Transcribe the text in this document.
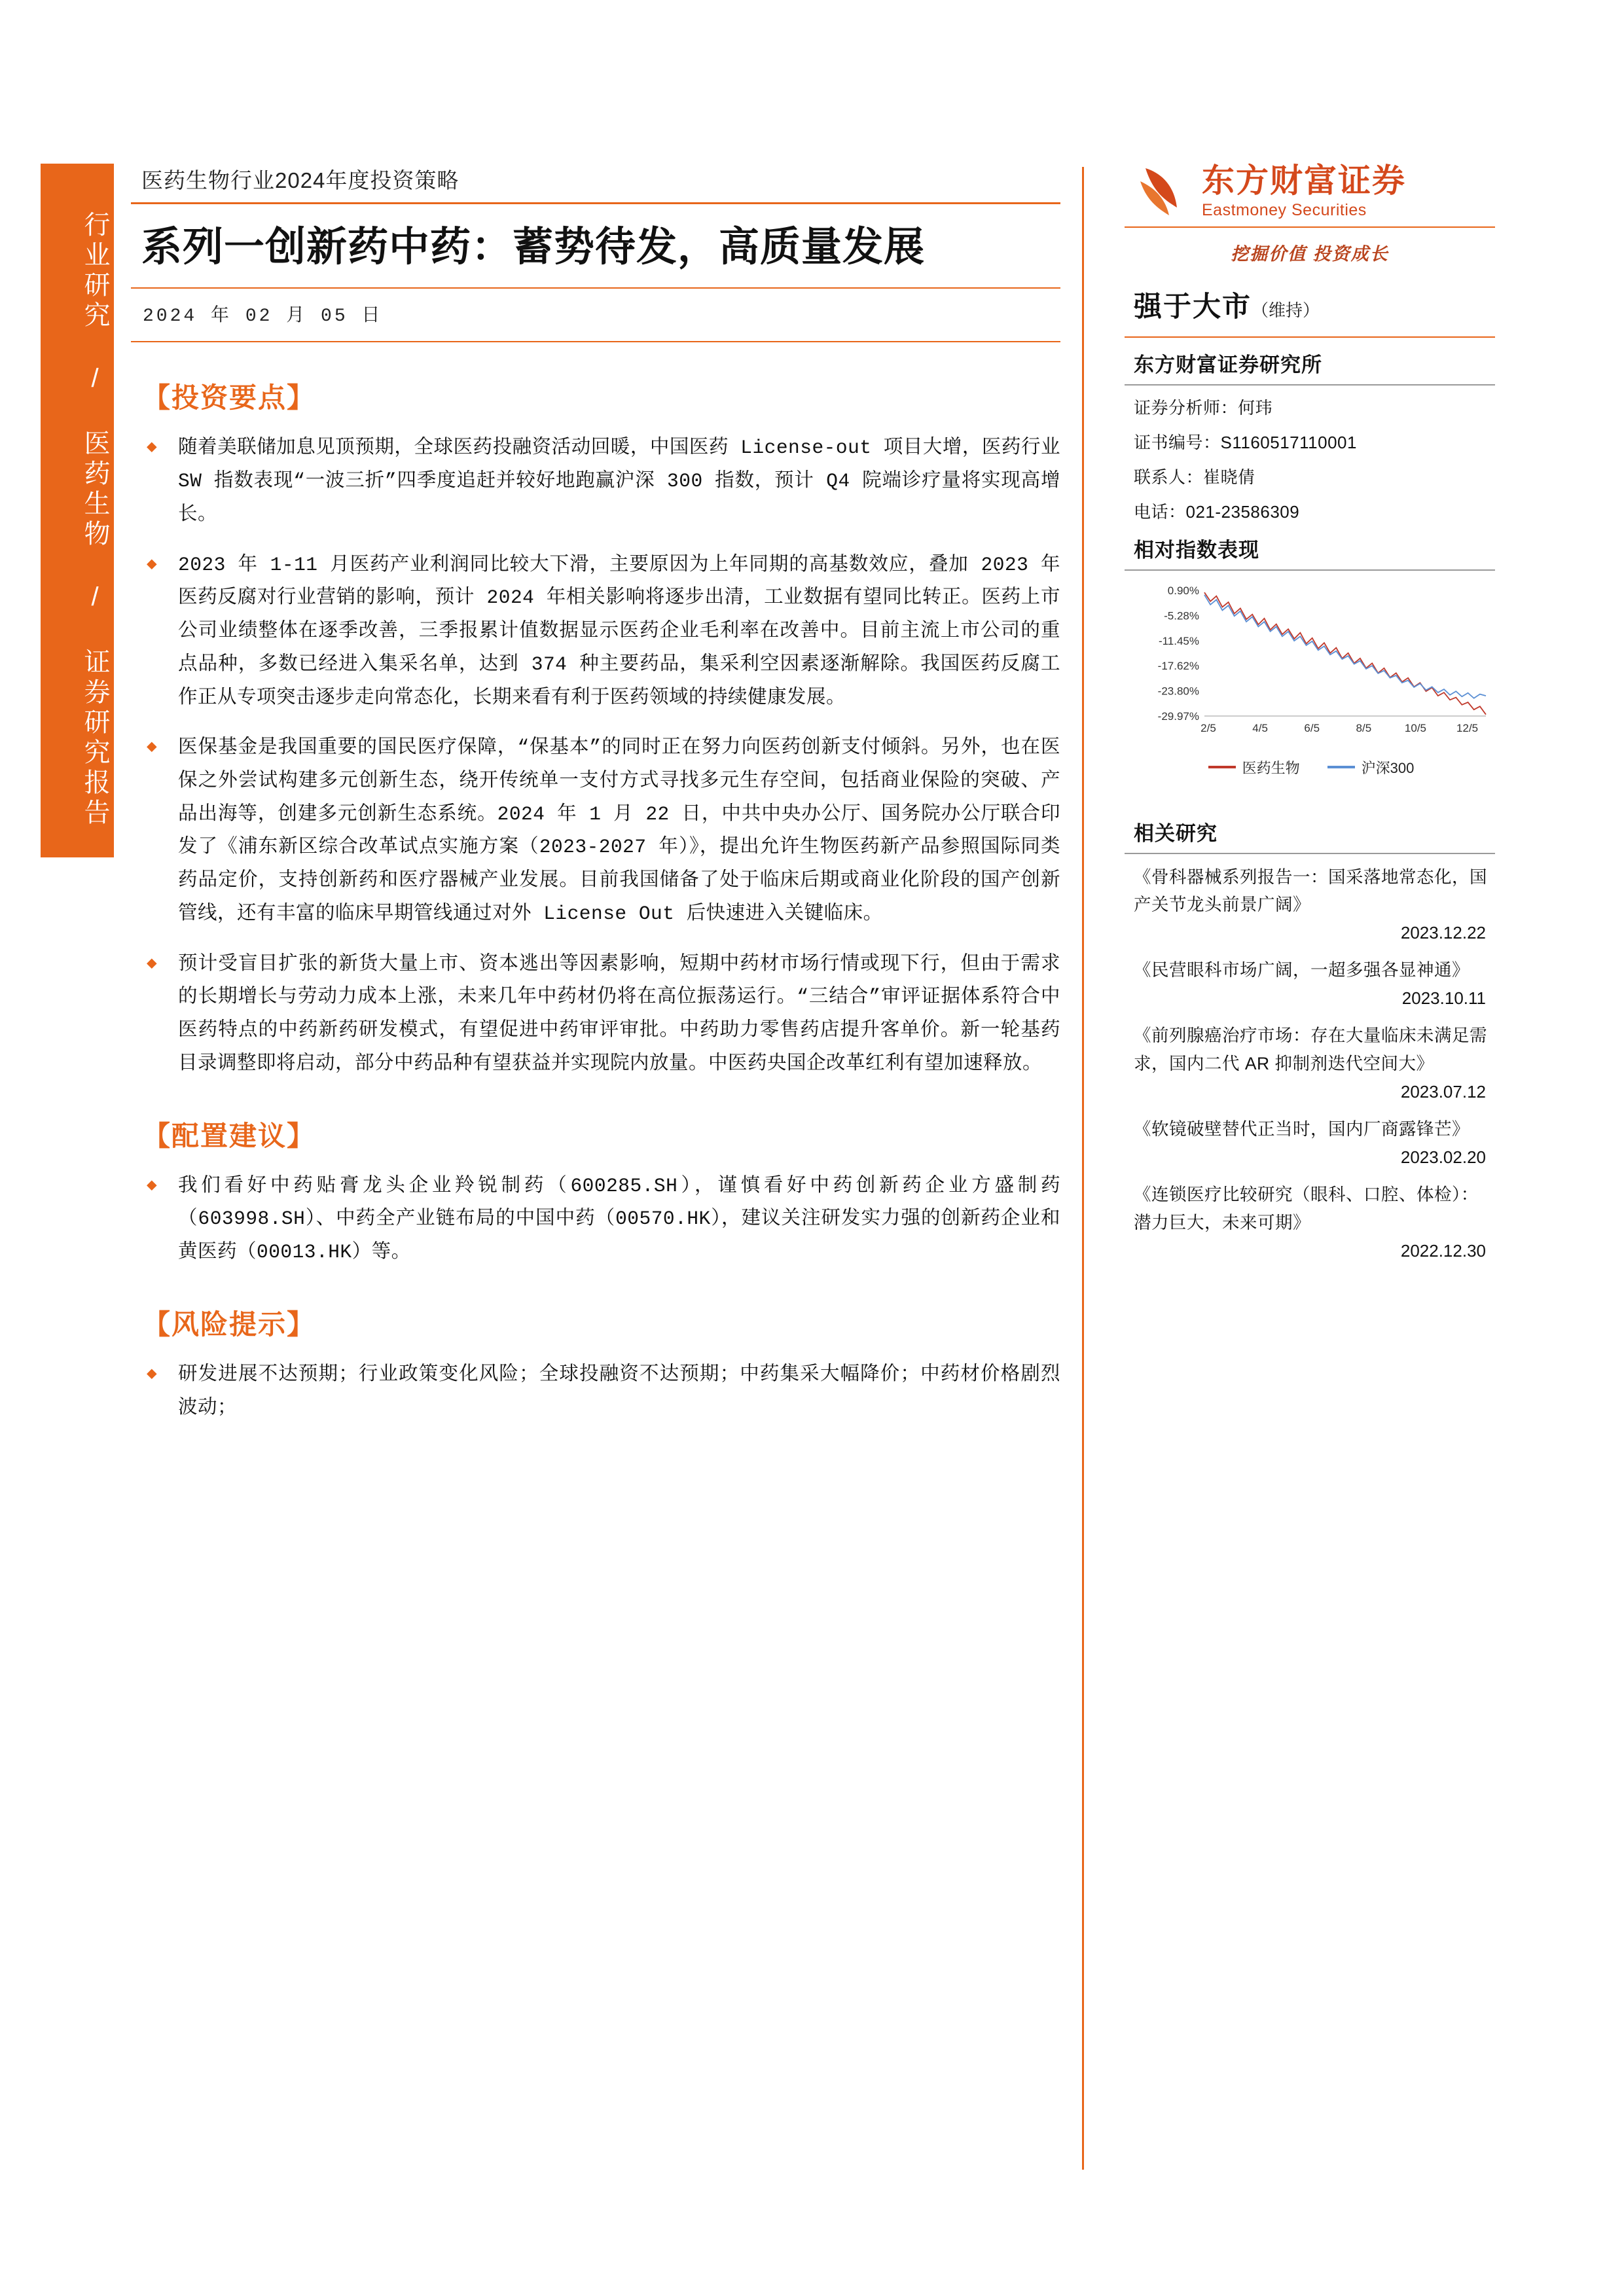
行业研究 / 医药生物 / 证券研究报告
医药生物行业2024年度投资策略
系列一创新药中药：蓄势待发，高质量发展
2024 年 02 月 05 日
【投资要点】
◆ 随着美联储加息见顶预期，全球医药投融资活动回暖，中国医药 License-out 项目大增，医药行业 SW 指数表现“一波三折”四季度追赶并较好地跑赢沪深 300 指数，预计 Q4 院端诊疗量将实现高增长。
◆ 2023 年 1-11 月医药产业利润同比较大下滑，主要原因为上年同期的高基数效应，叠加 2023 年医药反腐对行业营销的影响，预计 2024 年相关影响将逐步出清，工业数据有望同比转正。医药上市公司业绩整体在逐季改善，三季报累计值数据显示医药企业毛利率在改善中。目前主流上市公司的重点品种，多数已经进入集采名单，达到 374 种主要药品，集采利空因素逐渐解除。我国医药反腐工作正从专项突击逐步走向常态化，长期来看有利于医药领域的持续健康发展。
◆ 医保基金是我国重要的国民医疗保障，“保基本”的同时正在努力向医药创新支付倾斜。另外，也在医保之外尝试构建多元创新生态，绕开传统单一支付方式寻找多元生存空间，包括商业保险的突破、产品出海等，创建多元创新生态系统。2024 年 1 月 22 日，中共中央办公厅、国务院办公厅联合印发了《浦东新区综合改革试点实施方案（2023-2027 年）》，提出允许生物医药新产品参照国际同类药品定价，支持创新药和医疗器械产业发展。目前我国储备了处于临床后期或商业化阶段的国产创新管线，还有丰富的临床早期管线通过对外 License Out 后快速进入关键临床。
◆ 预计受盲目扩张的新货大量上市、资本逃出等因素影响，短期中药材市场行情或现下行，但由于需求的长期增长与劳动力成本上涨，未来几年中药材仍将在高位振荡运行。“三结合”审评证据体系符合中医药特点的中药新药研发模式，有望促进中药审评审批。中药助力零售药店提升客单价。新一轮基药目录调整即将启动，部分中药品种有望获益并实现院内放量。中医药央国企改革红利有望加速释放。
【配置建议】
◆ 我们看好中药贴膏龙头企业羚锐制药（600285.SH），谨慎看好中药创新药企业方盛制药（603998.SH）、中药全产业链布局的中国中药（00570.HK），建议关注研发实力强的创新药企业和黄医药（00013.HK）等。
【风险提示】
◆ 研发进展不达预期；行业政策变化风险；全球投融资不达预期；中药集采大幅降价；中药材价格剧烈波动；
东方财富证券
Eastmoney Securities
挖掘价值 投资成长
强于大市（维持）
东方财富证券研究所
证券分析师：何玮
证书编号：S1160517110001
联系人：崔晓倩
电话：021-23586309
相对指数表现
0.90%
-5.28%
-11.45%
-17.62%
-23.80%
-29.97%
2/5	4/5	6/5	8/5	10/5	12/5
医药生物	沪深300
相关研究
《骨科器械系列报告一：国采落地常态化，国产关节龙头前景广阔》
2023.12.22
《民营眼科市场广阔，一超多强各显神通》
2023.10.11
《前列腺癌治疗市场：存在大量临床未满足需求，国内二代 AR 抑制剂迭代空间大》
2023.07.12
《软镜破壁替代正当时，国内厂商露锋芒》
2023.02.20
《连锁医疗比较研究（眼科、口腔、体检）：潜力巨大，未来可期》
2022.12.30
